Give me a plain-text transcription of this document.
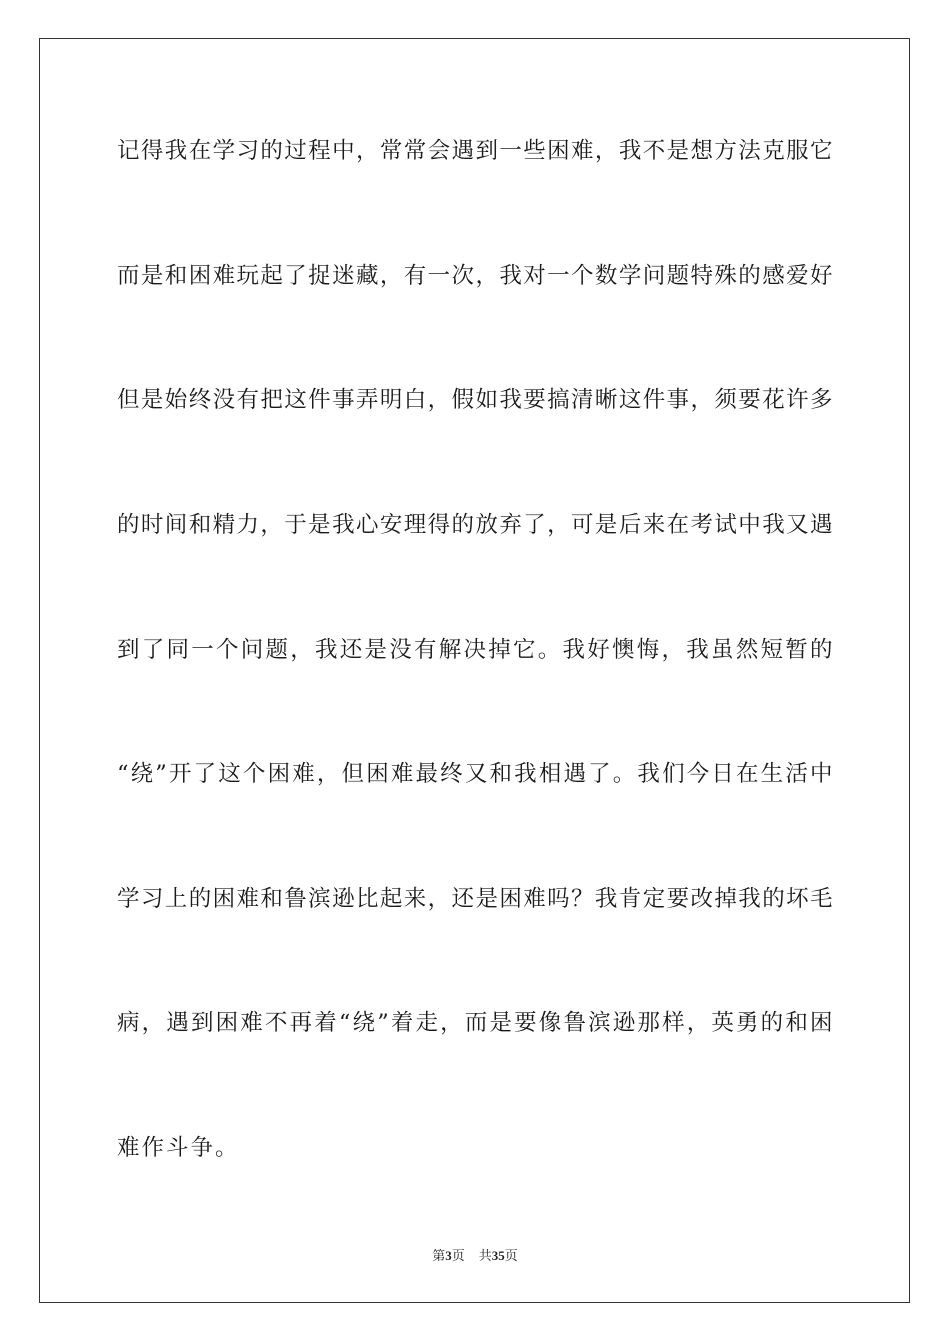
记得我在学习的过程中，常常会遇到一些困难，我不是想方法克服它
而是和困难玩起了捉迷藏，有一次，我对一个数学问题特殊的感爱好
但是始终没有把这件事弄明白，假如我要搞清晰这件事，须要花许多
的时间和精力，于是我心安理得的放弃了，可是后来在考试中我又遇
到了同一个问题，我还是没有解决掉它。我好懊悔，我虽然短暂的
“绕”开了这个困难，但困难最终又和我相遇了。我们今日在生活中
学习上的困难和鲁滨逊比起来，还是困难吗？我肯定要改掉我的坏毛
病，遇到困难不再着“绕”着走，而是要像鲁滨逊那样，英勇的和困
难作斗争。
第3页 共35页
